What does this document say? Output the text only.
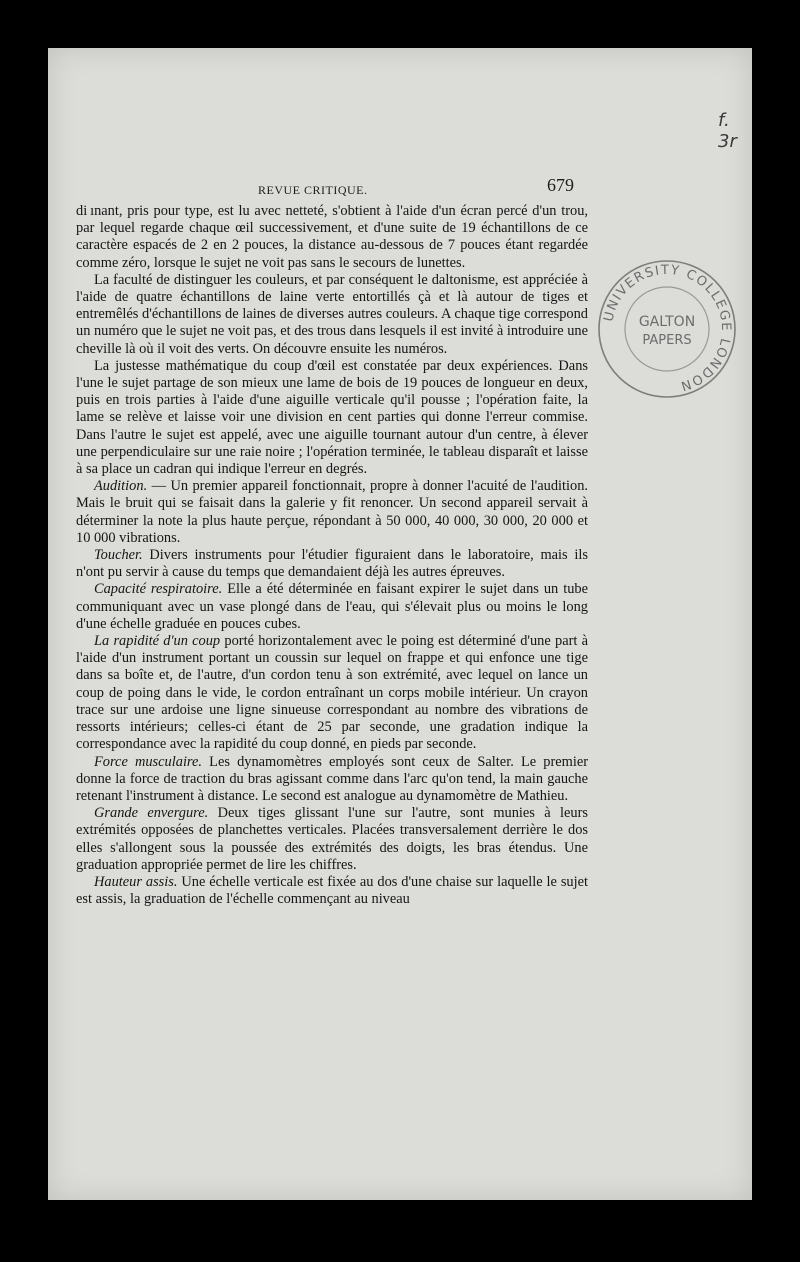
f. 3r
REVUE CRITIQUE.	679
UNIVERSITY COLLEGE LONDON
GALTON
PAPERS

di ınant, pris pour type, est lu avec netteté, s'obtient à l'aide d'un écran percé d'un trou, par lequel regarde chaque œil successivement, et d'une suite de 19 échantillons de ce caractère espacés de 2 en 2 pouces, la distance au-dessous de 7 pouces étant regardée comme zéro, lorsque le sujet ne voit pas sans le secours de lunettes.

La faculté de distinguer les couleurs, et par conséquent le daltonisme, est appréciée à l'aide de quatre échantillons de laine verte entortillés çà et là autour de tiges et entremêlés d'échantillons de laines de diverses autres couleurs. A chaque tige correspond un numéro que le sujet ne voit pas, et des trous dans lesquels il est invité à introduire une cheville là où il voit des verts. On découvre ensuite les numéros.

La justesse mathématique du coup d'œil est constatée par deux expériences. Dans l'une le sujet partage de son mieux une lame de bois de 19 pouces de longueur en deux, puis en trois parties à l'aide d'une aiguille verticale qu'il pousse ; l'opération faite, la lame se relève et laisse voir une division en cent parties qui donne l'erreur commise. Dans l'autre le sujet est appelé, avec une aiguille tournant autour d'un centre, à élever une perpendiculaire sur une raie noire ; l'opération terminée, le tableau disparaît et laisse à sa place un cadran qui indique l'erreur en degrés.

Audition. — Un premier appareil fonctionnait, propre à donner l'acuité de l'audition. Mais le bruit qui se faisait dans la galerie y fit renoncer. Un second appareil servait à déterminer la note la plus haute perçue, répondant à 50 000, 40 000, 30 000, 20 000 et 10 000 vibrations.

Toucher. Divers instruments pour l'étudier figuraient dans le laboratoire, mais ils n'ont pu servir à cause du temps que demandaient déjà les autres épreuves.

Capacité respiratoire. Elle a été déterminée en faisant expirer le sujet dans un tube communiquant avec un vase plongé dans de l'eau, qui s'élevait plus ou moins le long d'une échelle graduée en pouces cubes.

La rapidité d'un coup porté horizontalement avec le poing est déterminé d'une part à l'aide d'un instrument portant un coussin sur lequel on frappe et qui enfonce une tige dans sa boîte et, de l'autre, d'un cordon tenu à son extrémité, avec lequel on lance un coup de poing dans le vide, le cordon entraînant un corps mobile intérieur. Un crayon trace sur une ardoise une ligne sinueuse correspondant au nombre des vibrations de ressorts intérieurs; celles-ci étant de 25 par seconde, une gradation indique la correspondance avec la rapidité du coup donné, en pieds par seconde.

Force musculaire. Les dynamomètres employés sont ceux de Salter. Le premier donne la force de traction du bras agissant comme dans l'arc qu'on tend, la main gauche retenant l'instrument à distance. Le second est analogue au dynamomètre de Mathieu.

Grande envergure. Deux tiges glissant l'une sur l'autre, sont munies à leurs extrémités opposées de planchettes verticales. Placées transversalement derrière le dos elles s'allongent sous la poussée des extrémités des doigts, les bras étendus. Une graduation appropriée permet de lire les chiffres.

Hauteur assis. Une échelle verticale est fixée au dos d'une chaise sur laquelle le sujet est assis, la graduation de l'échelle commençant au niveau
